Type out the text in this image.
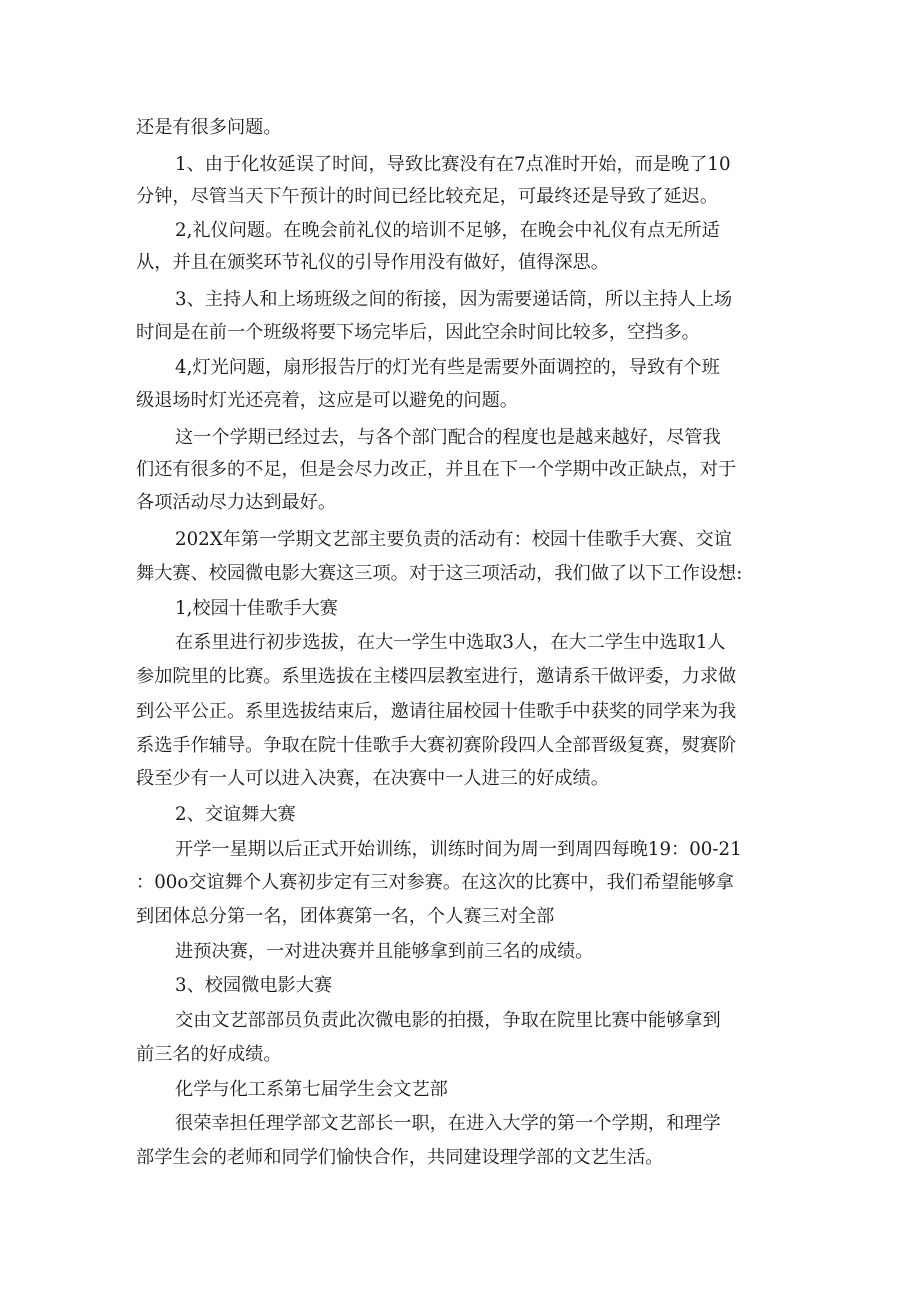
还是有很多问题。
1、由于化妆延误了时间，导致比赛没有在7点准时开始，而是晚了10
分钟，尽管当天下午预计的时间已经比较充足，可最终还是导致了延迟。
2,礼仪问题。在晚会前礼仪的培训不足够，在晚会中礼仪有点无所适
从，并且在颁奖环节礼仪的引导作用没有做好，值得深思。
3、主持人和上场班级之间的衔接，因为需要递话筒，所以主持人上场
时间是在前一个班级将要下场完毕后，因此空余时间比较多，空挡多。
4,灯光问题，扇形报告厅的灯光有些是需要外面调控的，导致有个班
级退场时灯光还亮着，这应是可以避免的问题。
这一个学期已经过去，与各个部门配合的程度也是越来越好，尽管我
们还有很多的不足，但是会尽力改正，并且在下一个学期中改正缺点，对于
各项活动尽力达到最好。
202X年第一学期文艺部主要负责的活动有：校园十佳歌手大赛、交谊
舞大赛、校园微电影大赛这三项。对于这三项活动，我们做了以下工作设想:
1,校园十佳歌手大赛
在系里进行初步选拔，在大一学生中选取3人，在大二学生中选取1人
参加院里的比赛。系里选拔在主楼四层教室进行，邀请系干做评委，力求做
到公平公正。系里选拔结束后，邀请往届校园十佳歌手中获奖的同学来为我
系选手作辅导。争取在院十佳歌手大赛初赛阶段四人全部晋级复赛，熨赛阶
段至少有一人可以进入决赛，在决赛中一人进三的好成绩。
2、交谊舞大赛
开学一星期以后正式开始训练，训练时间为周一到周四每晚19：00-21
：00o交谊舞个人赛初步定有三对参赛。在这次的比赛中，我们希望能够拿
到团体总分第一名，团体赛第一名，个人赛三对全部
进预决赛，一对进决赛并且能够拿到前三名的成绩。
3、校园微电影大赛
交由文艺部部员负责此次微电影的拍摄，争取在院里比赛中能够拿到
前三名的好成绩。
化学与化工系第七届学生会文艺部
很荣幸担任理学部文艺部长一职，在进入大学的第一个学期，和理学
部学生会的老师和同学们愉快合作，共同建设理学部的文艺生活。
